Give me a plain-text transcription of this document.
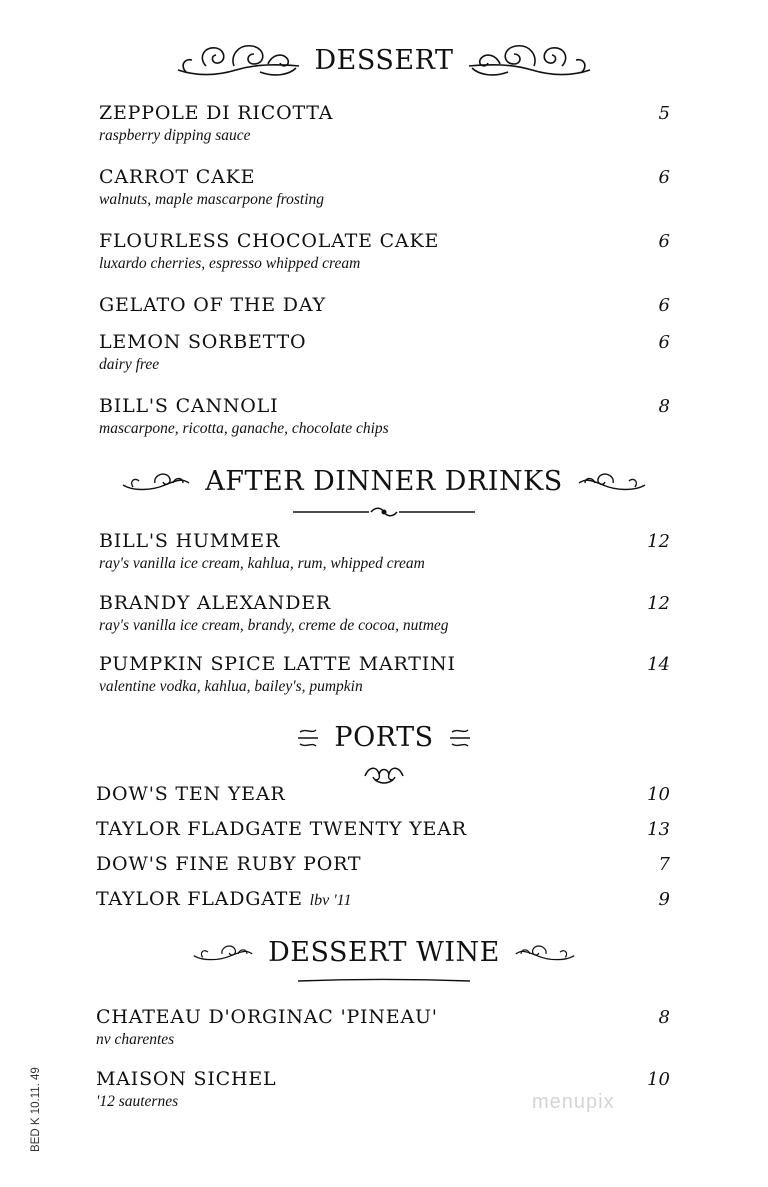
DESSERT
ZEPPOLE DI RICOTTA	5
raspberry dipping sauce
CARROT CAKE	6
walnuts, maple mascarpone frosting
FLOURLESS CHOCOLATE CAKE	6
luxardo cherries, espresso whipped cream
GELATO OF THE DAY	6
LEMON SORBETTO	6
dairy free
BILL'S CANNOLI	8
mascarpone, ricotta, ganache, chocolate chips
AFTER DINNER DRINKS
BILL'S HUMMER	12
ray's vanilla ice cream, kahlua, rum, whipped cream
BRANDY ALEXANDER	12
ray's vanilla ice cream, brandy, creme de cocoa, nutmeg
PUMPKIN SPICE LATTE MARTINI	14
valentine vodka, kahlua, bailey's, pumpkin
PORTS
DOW'S TEN YEAR	10
TAYLOR FLADGATE TWENTY YEAR	13
DOW'S FINE RUBY PORT	7
TAYLOR FLADGATE lbv '11	9
DESSERT WINE
CHATEAU D'ORGINAC 'PINEAU'	8
nv charentes
MAISON SICHEL	10
'12 sauternes
BED K 10.11. 49	menupix
